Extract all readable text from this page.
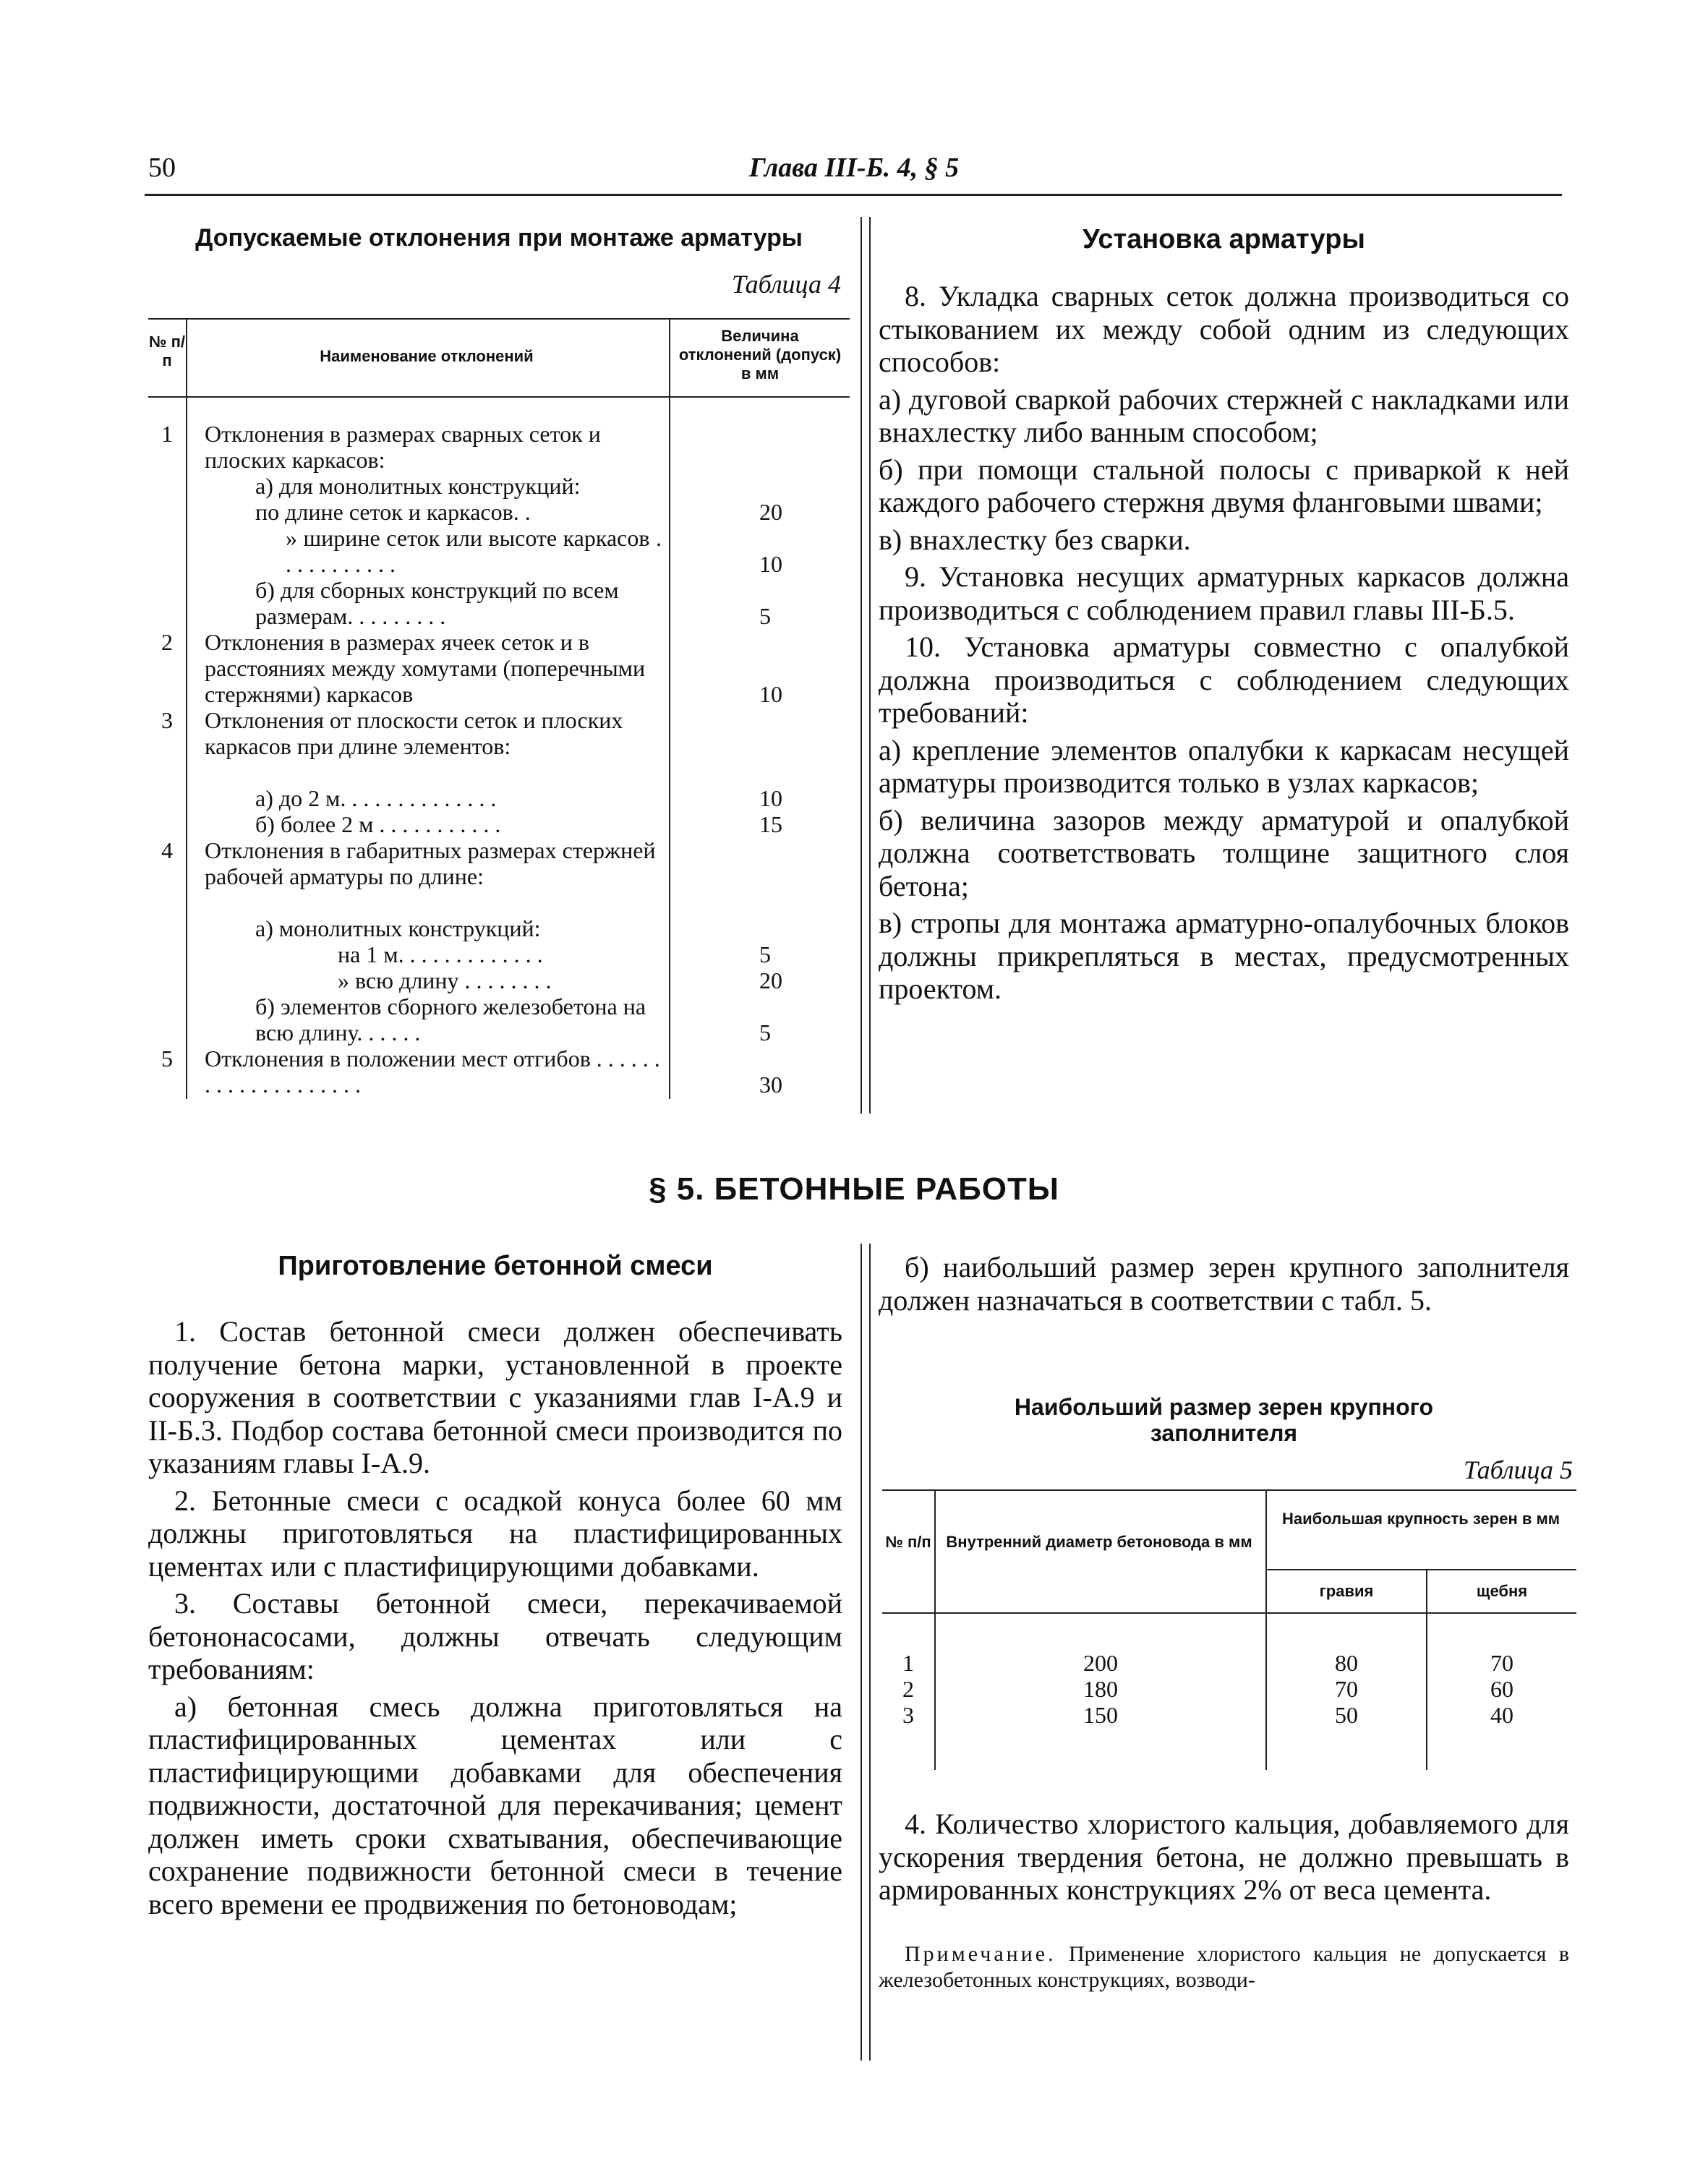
50	Глава III-Б. 4, § 5
Допускаемые отклонения при монтаже арматуры
Таблица 4
№ п/п	Наименование отклонений
Величина отклонений (допуск) в мм
1	Отклонения в размерах сварных сеток и плоских каркасов:
а) для монолитных конструкций:
по длине сеток и каркасов. .	20
» ширине сеток или высоте каркасов . . . . . . . . . . .	10
б) для сборных конструкций по всем размерам. . . . . . . . .	5
2	Отклонения в размерах ячеек сеток и в расстояниях между хомутами (поперечными стержнями) каркасов	10
3	Отклонения от плоскости сеток и плоских каркасов при длине элементов:
а) до 2 м. . . . . . . . . . . . . .	10
б) более 2 м . . . . . . . . . . .	15
4	Отклонения в габаритных размерах стержней рабочей арматуры по длине:
а) монолитных конструкций:
на 1 м. . . . . . . . . . . . .	5
» всю длину . . . . . . . .	20
б) элементов сборного железобетона на всю длину. . . . . .	5
5	Отклонения в положении мест отгибов . . . . . . . . . . . . . . . . . . . .	30
Установка арматуры
8. Укладка сварных сеток должна производиться со стыкованием их между собой одним из следующих способов:
а) дуговой сваркой рабочих стержней с накладками или внахлестку либо ванным способом;
б) при помощи стальной полосы с приваркой к ней каждого рабочего стержня двумя фланговыми швами;
в) внахлестку без сварки.
9. Установка несущих арматурных каркасов должна производиться с соблюдением правил главы III-Б.5.
10. Установка арматуры совместно с опалубкой должна производиться с соблюдением следующих требований:
а) крепление элементов опалубки к каркасам несущей арматуры производится только в узлах каркасов;
б) величина зазоров между арматурой и опалубкой должна соответствовать толщине защитного слоя бетона;
в) стропы для монтажа арматурно-опалубочных блоков должны прикрепляться в местах, предусмотренных проектом.
§ 5. БЕТОННЫЕ РАБОТЫ
Приготовление бетонной смеси
1. Состав бетонной смеси должен обеспечивать получение бетона марки, установленной в проекте сооружения в соответствии с указаниями глав I-А.9 и II-Б.3. Подбор состава бетонной смеси производится по указаниям главы I-А.9.
2. Бетонные смеси с осадкой конуса более 60 мм должны приготовляться на пластифицированных цементах или с пластифицирующими добавками.
3. Составы бетонной смеси, перекачиваемой бетононасосами, должны отвечать следующим требованиям:
а) бетонная смесь должна приготовляться на пластифицированных цементах или с пластифицирующими добавками для обеспечения подвижности, достаточной для перекачивания; цемент должен иметь сроки схватывания, обеспечивающие сохранение подвижности бетонной смеси в течение всего времени ее продвижения по бетоноводам;
б) наибольший размер зерен крупного заполнителя должен назначаться в соответствии с табл. 5.
Наибольший размер зерен крупного
заполнителя
Таблица 5
№ п/п Внутренний диаметр бетоновода в мм
Наибольшая крупность зерен в мм
гравия	щебня
1	200	80	70
2	180	70	60
3	150	50	40
4. Количество хлористого кальция, добавляемого для ускорения твердения бетона, не должно превышать в армированных конструкциях 2% от веса цемента.
Примечание. Применение хлористого кальция не допускается в железобетонных конструкциях, возводи-
